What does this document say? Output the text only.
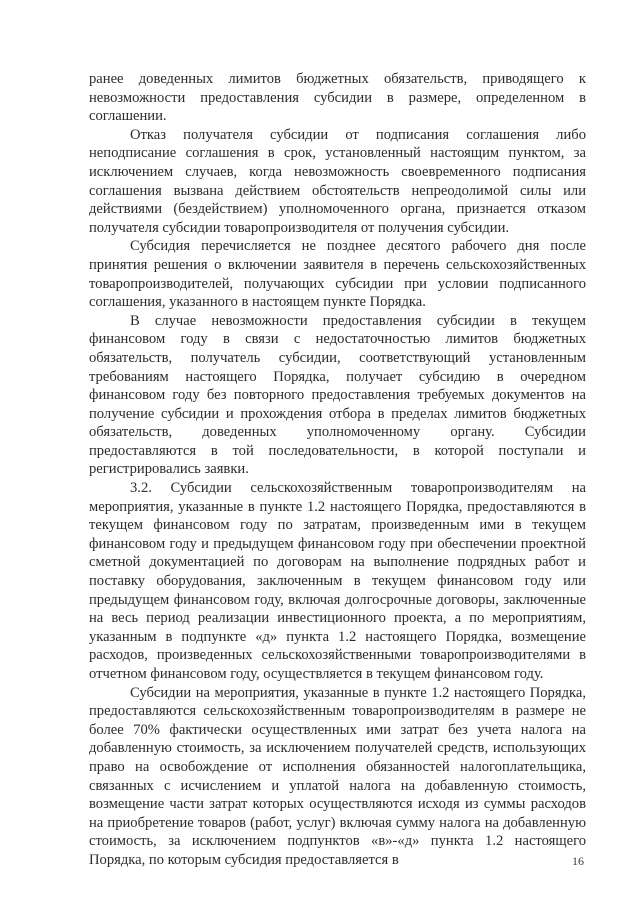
ранее доведенных лимитов бюджетных обязательств, приводящего к невозможности предоставления субсидии в размере, определенном в соглашении.

Отказ получателя субсидии от подписания соглашения либо неподписание соглашения в срок, установленный настоящим пунктом, за исключением случаев, когда невозможность своевременного подписания соглашения вызвана действием обстоятельств непреодолимой силы или действиями (бездействием) уполномоченного органа, признается отказом получателя субсидии товаропроизводителя от получения субсидии.

Субсидия перечисляется не позднее десятого рабочего дня после принятия решения о включении заявителя в перечень сельскохозяйственных товаропроизводителей, получающих субсидии при условии подписанного соглашения, указанного в настоящем пункте Порядка.

В случае невозможности предоставления субсидии в текущем финансовом году в связи с недостаточностью лимитов бюджетных обязательств, получатель субсидии, соответствующий установленным требованиям настоящего Порядка, получает субсидию в очередном финансовом году без повторного предоставления требуемых документов на получение субсидии и прохождения отбора в пределах лимитов бюджетных обязательств, доведенных уполномоченному органу. Субсидии предоставляются в той последовательности, в которой поступали и регистрировались заявки.

3.2. Субсидии сельскохозяйственным товаропроизводителям на мероприятия, указанные в пункте 1.2 настоящего Порядка, предоставляются в текущем финансовом году по затратам, произведенным ими в текущем финансовом году и предыдущем финансовом году при обеспечении проектной сметной документацией по договорам на выполнение подрядных работ и поставку оборудования, заключенным в текущем финансовом году или предыдущем финансовом году, включая долгосрочные договоры, заключенные на весь период реализации инвестиционного проекта, а по мероприятиям, указанным в подпункте «д» пункта 1.2 настоящего Порядка, возмещение расходов, произведенных сельскохозяйственными товаропроизводителями в отчетном финансовом году, осуществляется в текущем финансовом году.

Субсидии на мероприятия, указанные в пункте 1.2 настоящего Порядка, предоставляются сельскохозяйственным товаропроизводителям в размере не более 70% фактически осуществленных ими затрат без учета налога на добавленную стоимость, за исключением получателей средств, использующих право на освобождение от исполнения обязанностей налогоплательщика, связанных с исчислением и уплатой налога на добавленную стоимость, возмещение части затрат которых осуществляются исходя из суммы расходов на приобретение товаров (работ, услуг) включая сумму налога на добавленную стоимость, за исключением подпунктов «в»-«д» пункта 1.2 настоящего Порядка, по которым субсидия предоставляется в	16
